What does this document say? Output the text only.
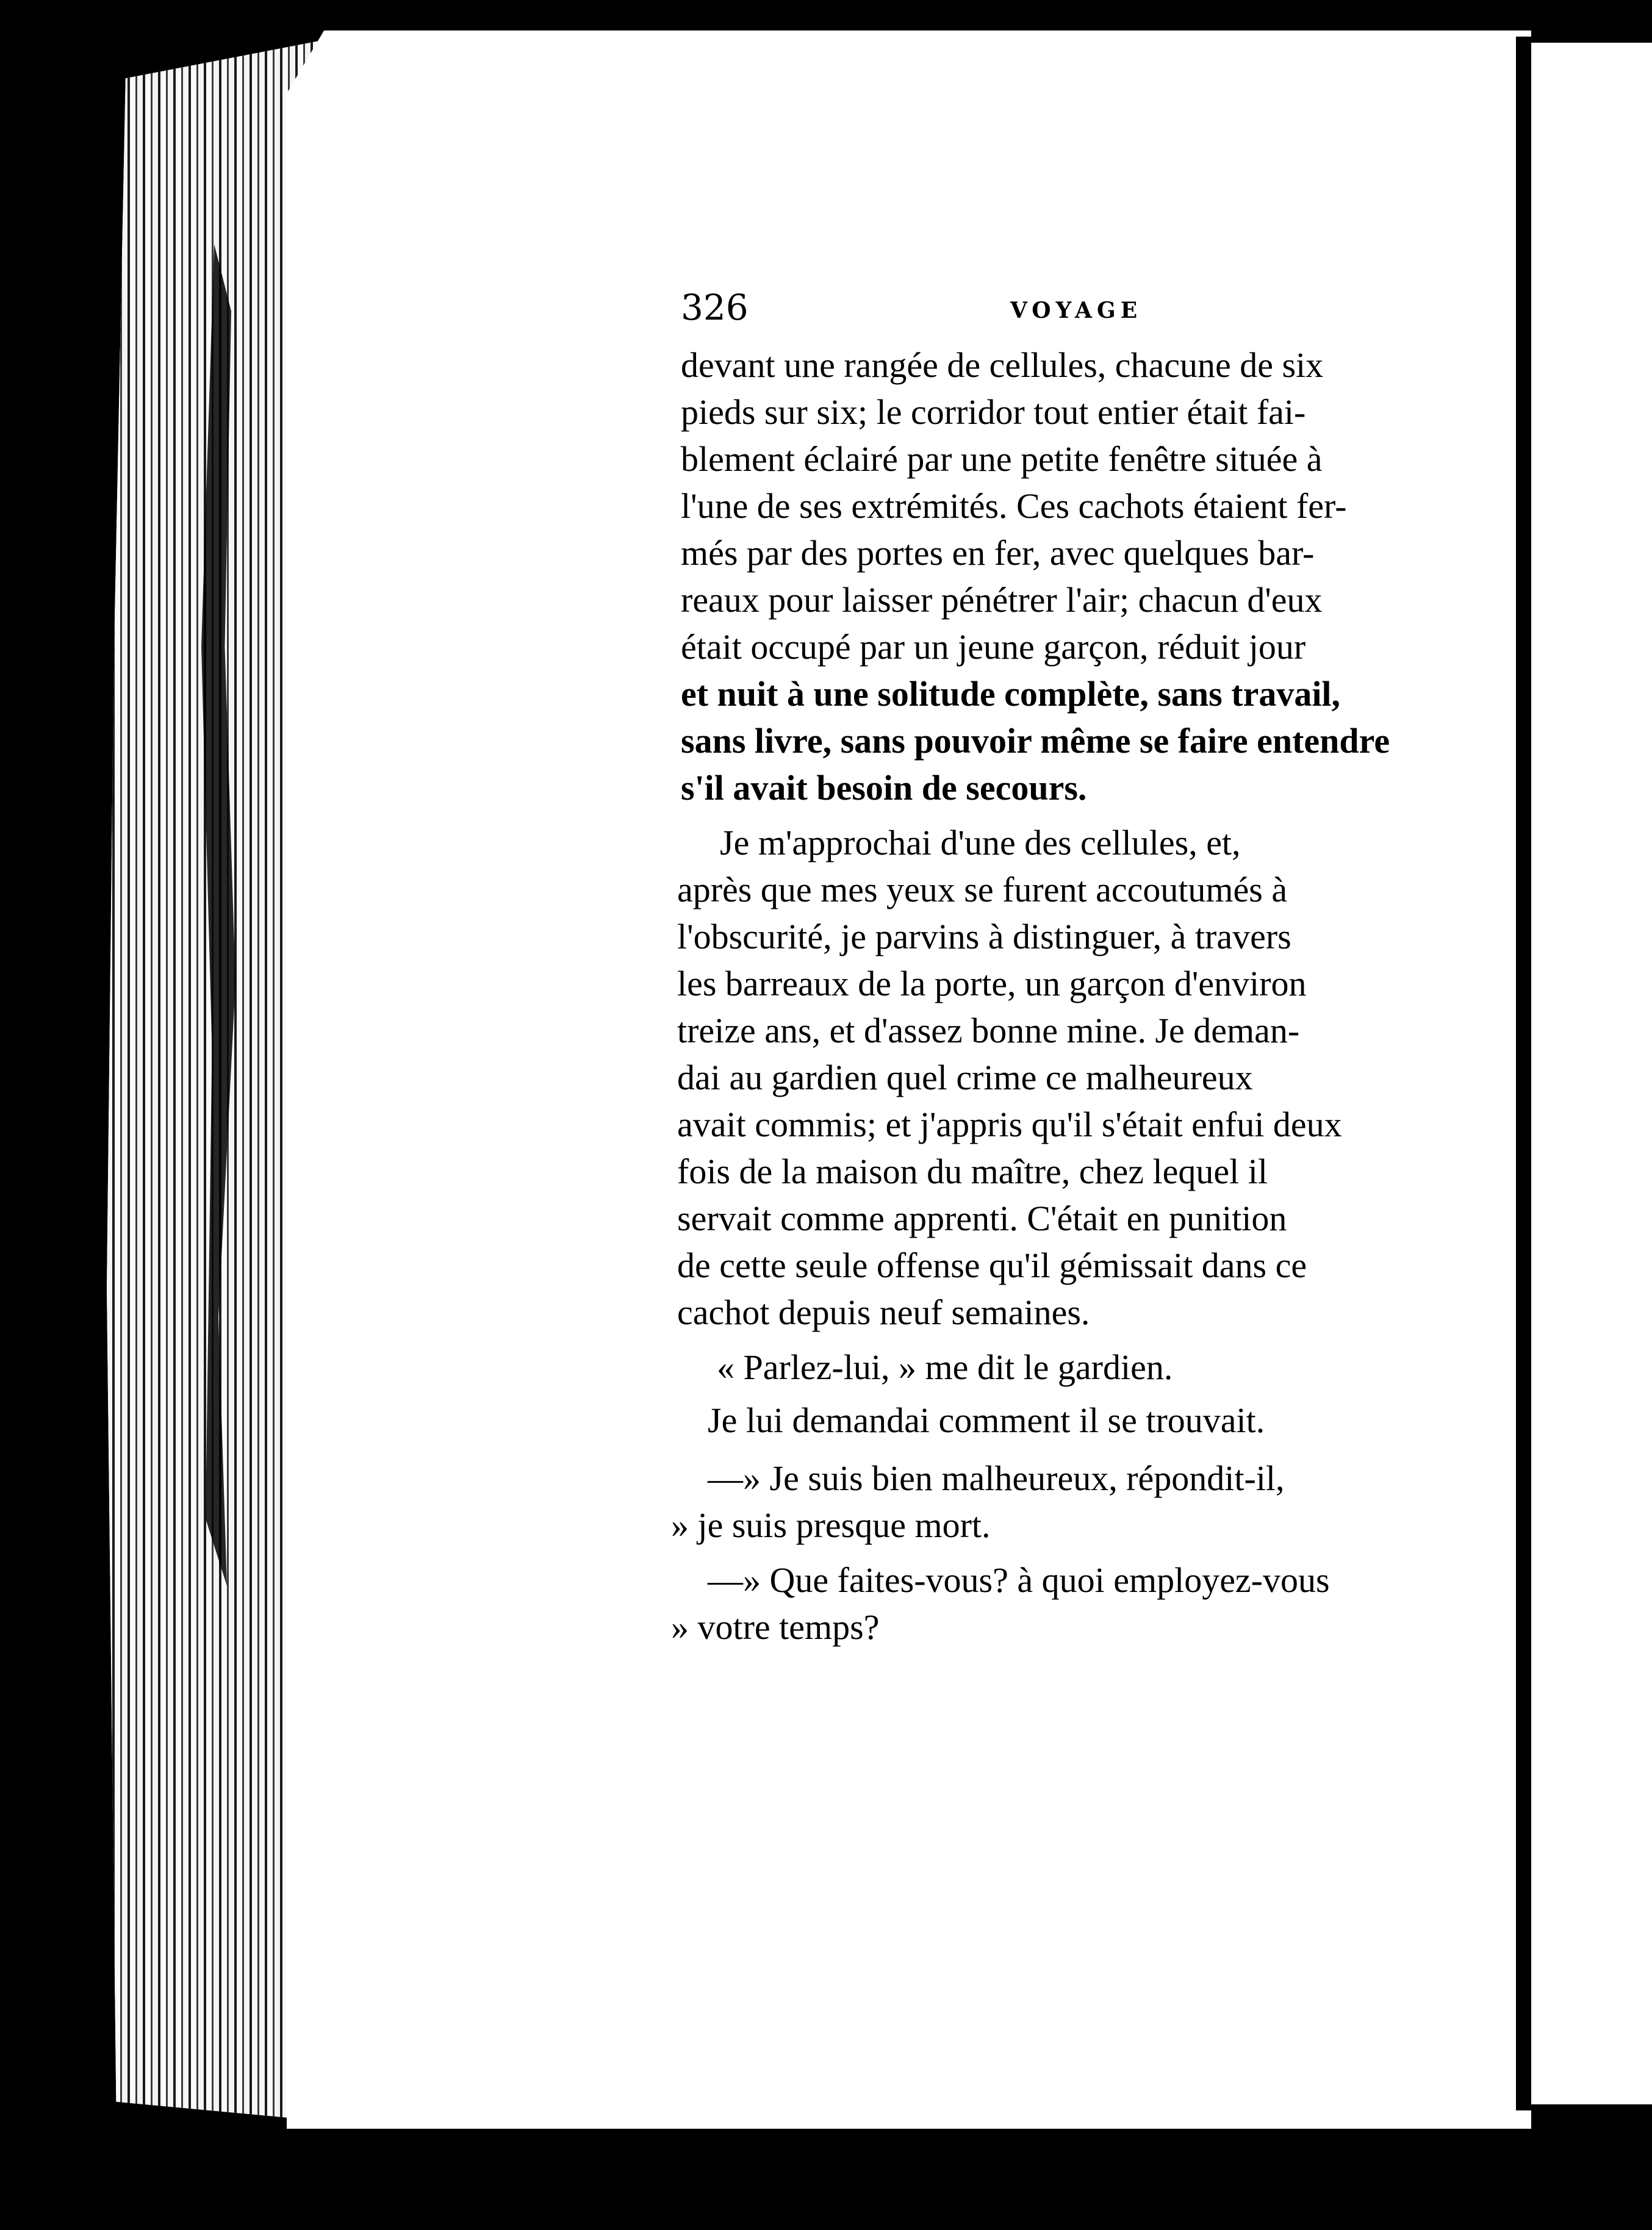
326	VOYAGE
devant une rangée de cellules, chacune de six
pieds sur six; le corridor tout entier était fai-
blement éclairé par une petite fenêtre située à
l'une de ses extrémités. Ces cachots étaient fer-
més par des portes en fer, avec quelques bar-
reaux pour laisser pénétrer l'air; chacun d'eux
était occupé par un jeune garçon, réduit jour
et nuit à une solitude complète, sans travail,
sans livre, sans pouvoir même se faire entendre
s'il avait besoin de secours.
Je m'approchai d'une des cellules, et,
après que mes yeux se furent accoutumés à
l'obscurité, je parvins à distinguer, à travers
les barreaux de la porte, un garçon d'environ
treize ans, et d'assez bonne mine. Je deman-
dai au gardien quel crime ce malheureux
avait commis; et j'appris qu'il s'était enfui deux
fois de la maison du maître, chez lequel il
servait comme apprenti. C'était en punition
de cette seule offense qu'il gémissait dans ce
cachot depuis neuf semaines.
« Parlez-lui, » me dit le gardien.
Je lui demandai comment il se trouvait.
—» Je suis bien malheureux, répondit-il,
» je suis presque mort.
—» Que faites-vous? à quoi employez-vous
» votre temps?
